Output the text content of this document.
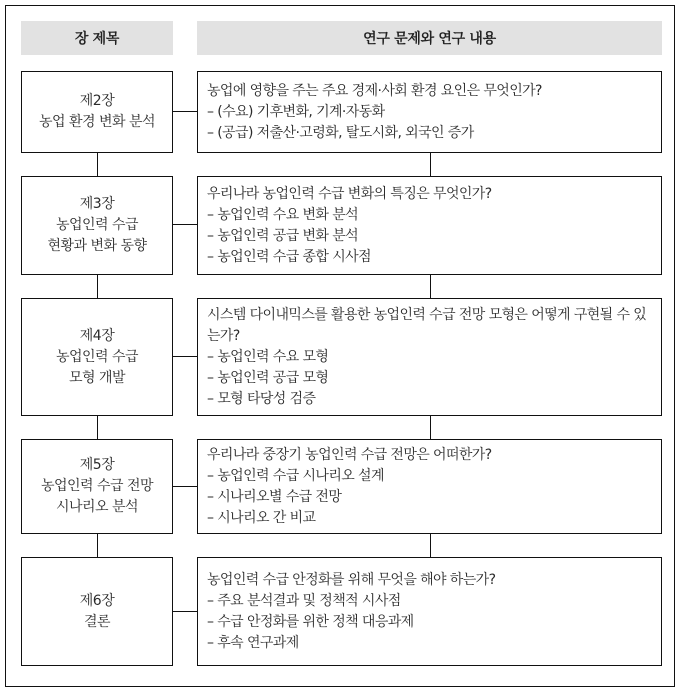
장 제목	연구 문제와 연구 내용
제2장
농업 환경 변화 분석
농업에 영향을 주는 주요 경제·사회 환경 요인은 무엇인가?
– (수요) 기후변화, 기계·자동화
– (공급) 저출산·고령화, 탈도시화, 외국인 증가
제3장
농업인력 수급
현황과 변화 동향
우리나라 농업인력 수급 변화의 특징은 무엇인가?
– 농업인력 수요 변화 분석
– 농업인력 공급 변화 분석
– 농업인력 수급 종합 시사점
제4장
농업인력 수급
모형 개발
시스템 다이내믹스를 활용한 농업인력 수급 전망 모형은 어떻게 구현될 수 있는가?
– 농업인력 수요 모형
– 농업인력 공급 모형
– 모형 타당성 검증
제5장
농업인력 수급 전망
시나리오 분석
우리나라 중장기 농업인력 수급 전망은 어떠한가?
– 농업인력 수급 시나리오 설계
– 시나리오별 수급 전망
– 시나리오 간 비교
제6장
결론
농업인력 수급 안정화를 위해 무엇을 해야 하는가?
– 주요 분석결과 및 정책적 시사점
– 수급 안정화를 위한 정책 대응과제
– 후속 연구과제
